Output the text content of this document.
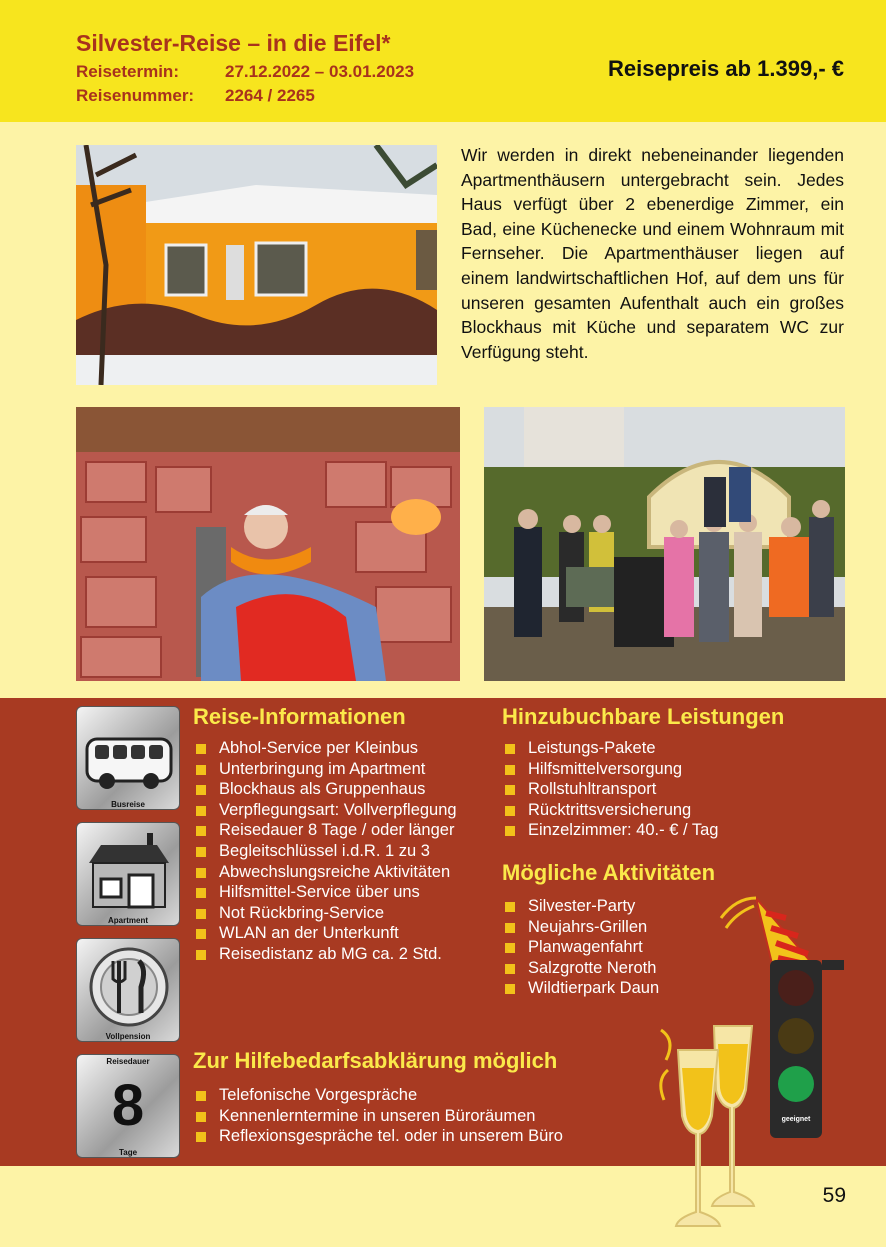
Silvester-Reise – in die Eifel*
Reisetermin:	27.12.2022 – 03.01.2023
Reisenummer: 2264 / 2265
Reisepreis ab 1.399,- €
Wir werden in direkt nebeneinander liegenden Apartmenthäusern untergebracht sein. Jedes Haus verfügt über 2 ebenerdige Zimmer, ein Bad, eine Küchenecke und einem Wohnraum mit Fernseher. Die Apartmenthäuser liegen auf einem landwirtschaftlichen Hof, auf dem uns für unseren gesamten Aufenthalt auch ein großes Blockhaus mit Küche und separatem WC zur Verfügung steht.
Busreise
Apartment
Vollpension
Reisedauer
8
Tage
Reise-Informationen
Abhol-Service per Kleinbus
Unterbringung im Apartment
Blockhaus als Gruppenhaus
Verpflegungsart: Vollverpflegung
Reisedauer 8 Tage / oder länger
Begleitschlüssel i.d.R. 1 zu 3
Abwechslungsreiche Aktivitäten
Hilfsmittel-Service über uns
Not Rückbring-Service
WLAN an der Unterkunft
Reisedistanz ab MG ca. 2 Std.
Hinzubuchbare Leistungen
Leistungs-Pakete
Hilfsmittelversorgung
Rollstuhltransport
Rücktrittsversicherung
Einzelzimmer: 40.- € / Tag
Mögliche Aktivitäten
Silvester-Party
Neujahrs-Grillen
Planwagenfahrt
Salzgrotte Neroth
Wildtierpark Daun
Zur Hilfebedarfsabklärung möglich
Telefonische Vorgespräche
Kennenlerntermine in unseren Büroräumen
Reflexionsgespräche tel. oder in unserem Büro
geeignet
59
